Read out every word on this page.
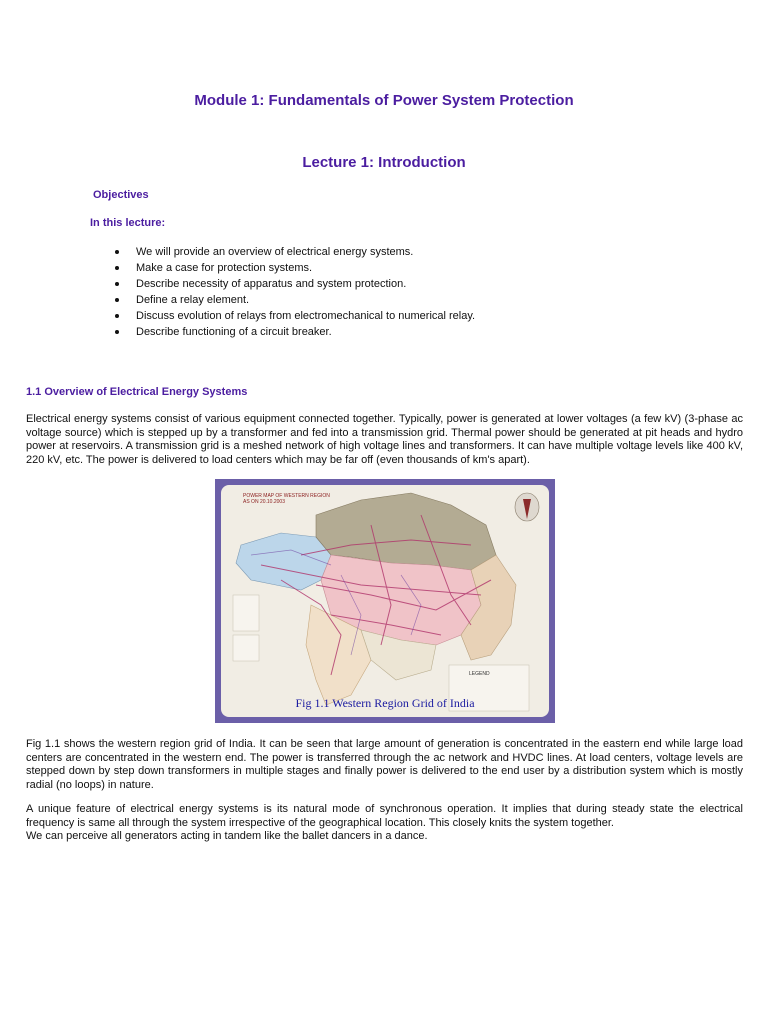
Module 1: Fundamentals of Power System Protection
Lecture 1: Introduction
Objectives
In this lecture:
We will provide an overview of electrical energy systems.
Make a case for protection systems.
Describe necessity of apparatus and system protection.
Define a relay element.
Discuss evolution of relays from electromechanical to numerical relay.
Describe functioning of a circuit breaker.
1.1 Overview of Electrical Energy Systems

Electrical energy systems consist of various equipment connected together. Typically, power is generated at lower voltages (a few kV) (3-phase ac voltage source) which is stepped up by a transformer and fed into a transmission grid. Thermal power should be generated at pit heads and hydro power at reservoirs. A transmission grid is a meshed network of high voltage lines and transformers. It can have multiple voltage levels like 400 kV, 220 kV, etc. The power is delivered to load centers which may be far off (even thousands of km's apart).

LEGEND
POWER MAP OF WESTERN REGION
AS ON 20.10.2003
Fig 1.1 Western Region Grid of India

Fig 1.1 shows the western region grid of India. It can be seen that large amount of generation is concentrated in the eastern end while large load centers are concentrated in the western end. The power is transferred through the ac network and HVDC lines. At load centers, voltage levels are stepped down by step down transformers in multiple stages and finally power is delivered to the end user by a distribution system which is mostly radial (no loops) in nature.

A unique feature of electrical energy systems is its natural mode of synchronous operation. It implies that during steady state the electrical frequency is same all through the system irrespective of the geographical location. This closely knits the system together.
We can perceive all generators acting in tandem like the ballet dancers in a dance.
